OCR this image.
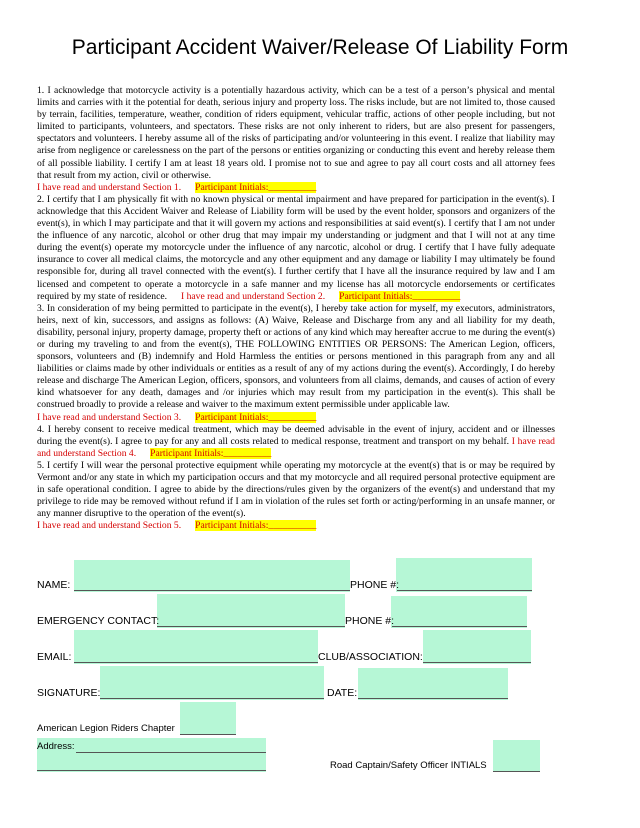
Participant Accident Waiver/Release Of Liability Form

1. I acknowledge that motorcycle activity is a potentially hazardous activity, which can be a test of a person’s physical and mental limits and carries with it the potential for death, serious injury and property loss. The risks include, but are not limited to, those caused by terrain, facilities, temperature, weather, condition of riders equipment, vehicular traffic, actions of other people including, but not limited to participants, volunteers, and spectators. These risks are not only inherent to riders, but are also present for passengers, spectators and volunteers. I hereby assume all of the risks of participating and/or volunteering in this event. I realize that liability may arise from negligence or carelessness on the part of the persons or entities organizing or conducting this event and hereby release them of all possible liability. I certify I am at least 18 years old. I promise not to sue and agree to pay all court costs and all attorney fees that result from my action, civil or otherwise.

I have read and understand Section 1. Participant Initials:__________

2. I certify that I am physically fit with no known physical or mental impairment and have prepared for participation in the event(s). I acknowledge that this Accident Waiver and Release of Liability form will be used by the event holder, sponsors and organizers of the event(s), in which I may participate and that it will govern my actions and responsibilities at said event(s). I certify that I am not under the influence of any narcotic, alcohol or other drug that may impair my understanding or judgment and that I will not at any time during the event(s) operate my motorcycle under the influence of any narcotic, alcohol or drug. I certify that I have fully adequate insurance to cover all medical claims, the motorcycle and any other equipment and any damage or liability I may ultimately be found responsible for, during all travel connected with the event(s). I further certify that I have all the insurance required by law and I am licensed and competent to operate a motorcycle in a safe manner and my license has all motorcycle endorsements or certificates required by my state of residence. I have read and understand Section 2. Participant Initials:__________

3. In consideration of my being permitted to participate in the event(s), I hereby take action for myself, my executors, administrators, heirs, next of kin, successors, and assigns as follows: (A) Waive, Release and Discharge from any and all liability for my death, disability, personal injury, property damage, property theft or actions of any kind which may hereafter accrue to me during the event(s) or during my traveling to and from the event(s), THE FOLLOWING ENTITIES OR PERSONS: The American Legion, officers, sponsors, volunteers and (B) indemnify and Hold Harmless the entities or persons mentioned in this paragraph from any and all liabilities or claims made by other individuals or entities as a result of any of my actions during the event(s). Accordingly, I do hereby release and discharge The American Legion, officers, sponsors, and volunteers from all claims, demands, and causes of action of every kind whatsoever for any death, damages and /or injuries which may result from my participation in the event(s). This shall be construed broadly to provide a release and waiver to the maximum extent permissible under applicable law.

I have read and understand Section 3. Participant Initials:__________

4. I hereby consent to receive medical treatment, which may be deemed advisable in the event of injury, accident and or illnesses during the event(s). I agree to pay for any and all costs related to medical response, treatment and transport on my behalf. I have read and understand Section 4. Participant Initials:__________

5. I certify I will wear the personal protective equipment while operating my motorcycle at the event(s) that is or may be required by Vermont and/or any state in which my participation occurs and that my motorcycle and all required personal protective equipment are in safe operational condition. I agree to abide by the directions/rules given by the organizers of the event(s) and understand that my privilege to ride may be removed without refund if I am in violation of the rules set forth or acting/performing in an unsafe manner, or any manner disruptive to the operation of the event(s).

I have read and understand Section 5. Participant Initials:__________

NAME:	PHONE #:
EMERGENCY CONTACT:	PHONE #:
EMAIL:	CLUB/ASSOCIATION:
SIGNATURE:	DATE:
American Legion Riders Chapter
Address:
Road Captain/Safety Officer INTIALS
